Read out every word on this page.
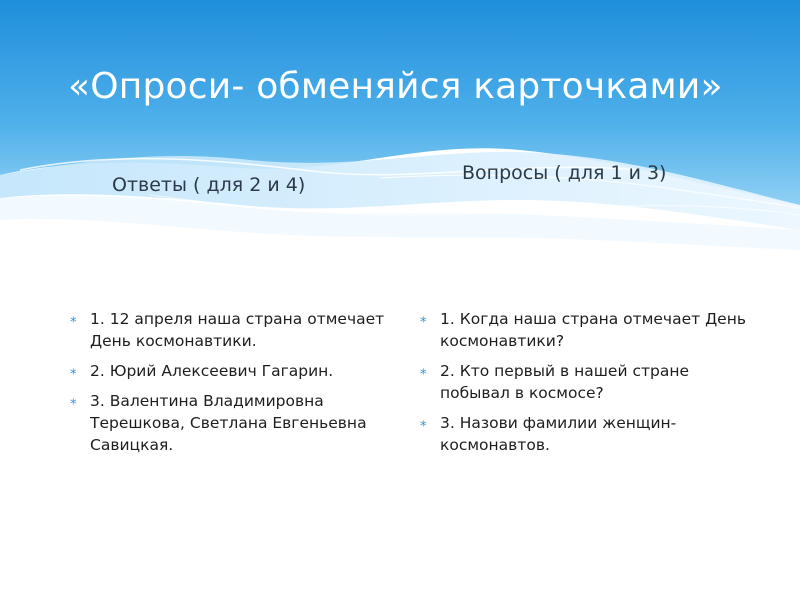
«Опроси- обменяйся карточками»
Ответы ( для 2 и 4)
Вопросы ( для 1 и 3)
⁎ 1. 12 апреля наша страна отмечает День космонавтики.
⁎ 2. Юрий Алексеевич Гагарин.
⁎ 3. Валентина Владимировна Терешкова, Светлана Евгеньевна Савицкая.
⁎ 1. Когда наша страна отмечает День космонавтики?
⁎ 2. Кто первый в нашей стране побывал в космосе?
⁎ 3. Назови фамилии женщин-космонавтов.
